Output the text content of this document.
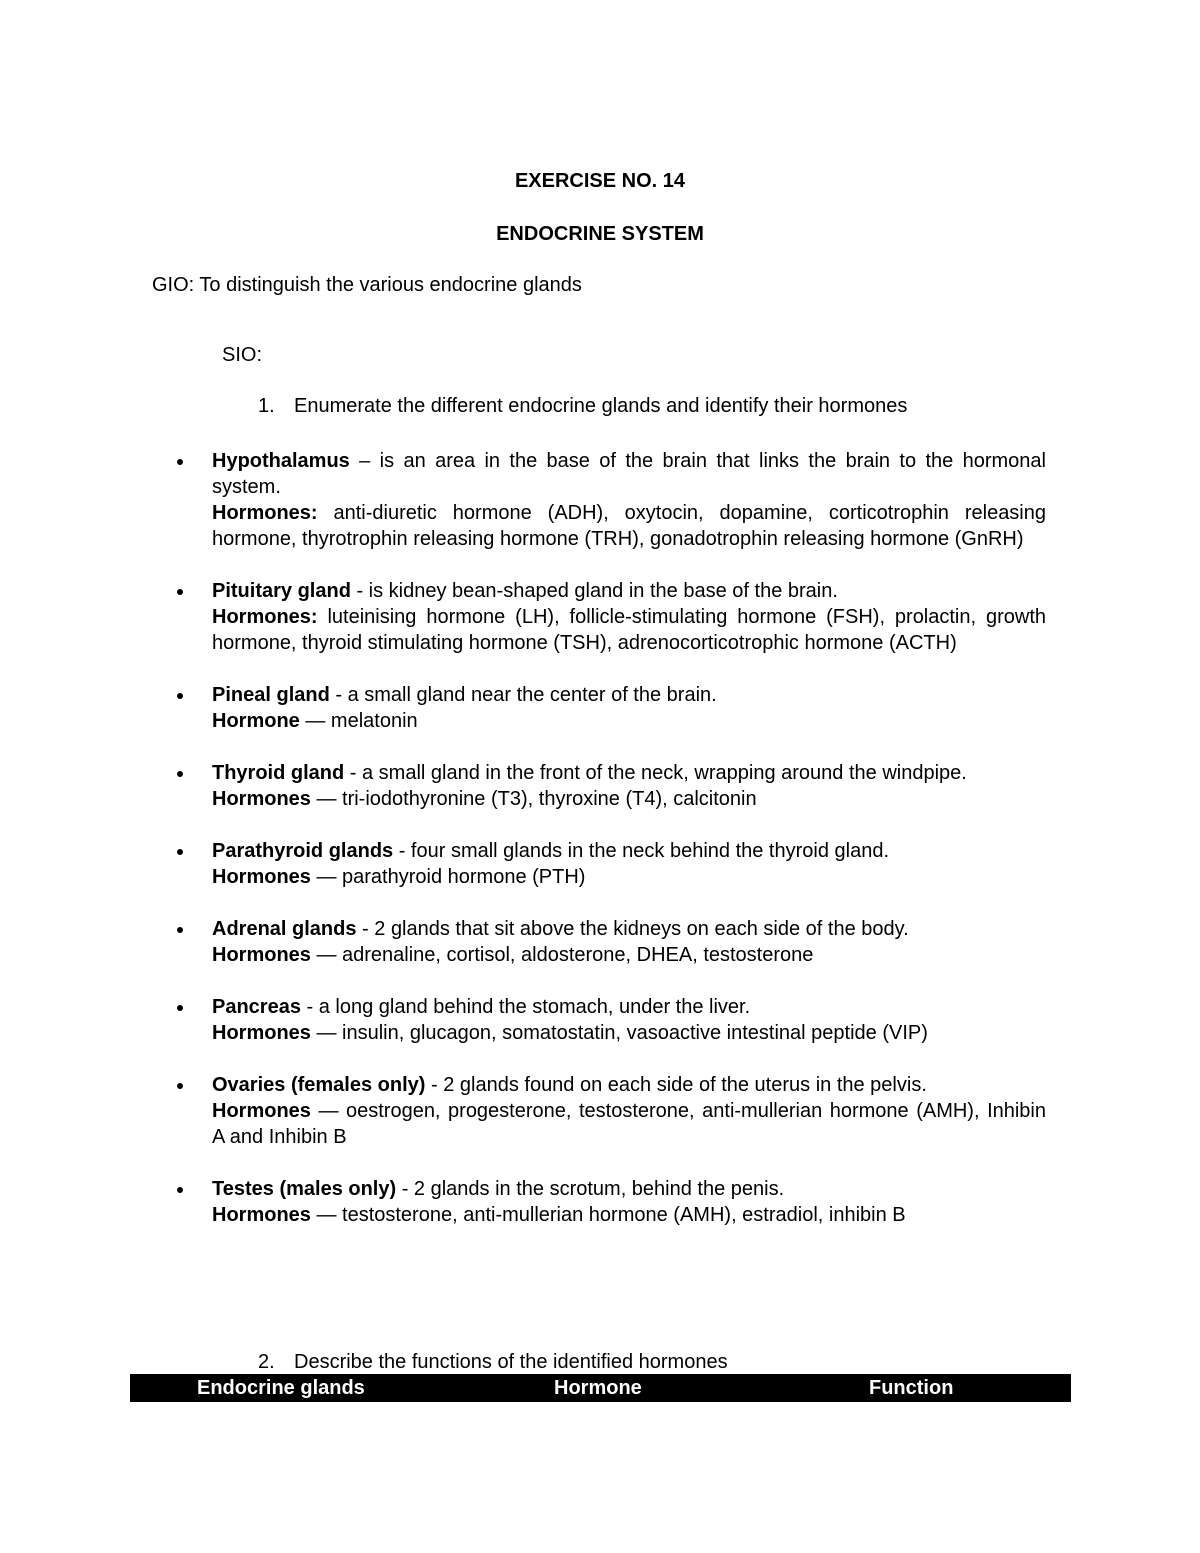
EXERCISE NO. 14
ENDOCRINE SYSTEM
GIO: To distinguish the various endocrine glands
SIO:
1. Enumerate the different endocrine glands and identify their hormones
Hypothalamus – is an area in the base of the brain that links the brain to the hormonal system.
Hormones: anti-diuretic hormone (ADH), oxytocin, dopamine, corticotrophin releasing hormone, thyrotrophin releasing hormone (TRH), gonadotrophin releasing hormone (GnRH)
Pituitary gland - is kidney bean-shaped gland in the base of the brain.
Hormones: luteinising hormone (LH), follicle-stimulating hormone (FSH), prolactin, growth hormone, thyroid stimulating hormone (TSH), adrenocorticotrophic hormone (ACTH)
Pineal gland - a small gland near the center of the brain.
Hormone — melatonin
Thyroid gland - a small gland in the front of the neck, wrapping around the windpipe.
Hormones — tri-iodothyronine (T3), thyroxine (T4), calcitonin
Parathyroid glands - four small glands in the neck behind the thyroid gland.
Hormones — parathyroid hormone (PTH)
Adrenal glands - 2 glands that sit above the kidneys on each side of the body.
Hormones — adrenaline, cortisol, aldosterone, DHEA, testosterone
Pancreas - a long gland behind the stomach, under the liver.
Hormones — insulin, glucagon, somatostatin, vasoactive intestinal peptide (VIP)
Ovaries (females only) - 2 glands found on each side of the uterus in the pelvis.
Hormones — oestrogen, progesterone, testosterone, anti-mullerian hormone (AMH), Inhibin A and Inhibin B
Testes (males only) - 2 glands in the scrotum, behind the penis.
Hormones — testosterone, anti-mullerian hormone (AMH), estradiol, inhibin B
2. Describe the functions of the identified hormones
Endocrine glands	Hormone	Function
